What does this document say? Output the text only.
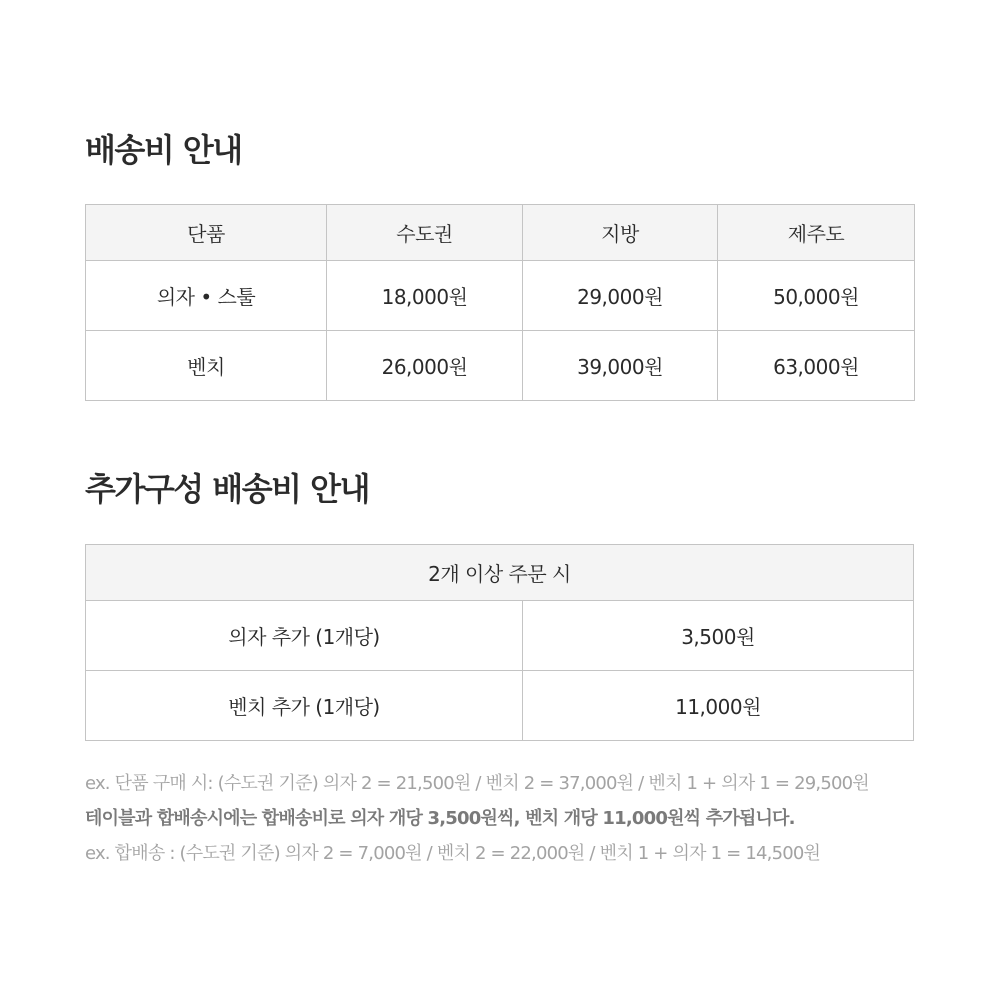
배송비 안내
단품	수도권	지방	제주도
의자 • 스툴	18,000원	29,000원	50,000원
벤치	26,000원	39,000원	63,000원
추가구성 배송비 안내
2개 이상 주문 시	
의자 추가 (1개당)	3,500원
벤치 추가 (1개당)	11,000원

ex. 단품 구매 시: (수도권 기준) 의자 2 = 21,500원 / 벤치 2 = 37,000원 / 벤치 1 + 의자 1 = 29,500원

테이블과 합배송시에는 합배송비로 의자 개당 3,500원씩, 벤치 개당 11,000원씩 추가됩니다.

ex. 합배송 : (수도권 기준) 의자 2 = 7,000원 / 벤치 2 = 22,000원 / 벤치 1 + 의자 1 = 14,500원
